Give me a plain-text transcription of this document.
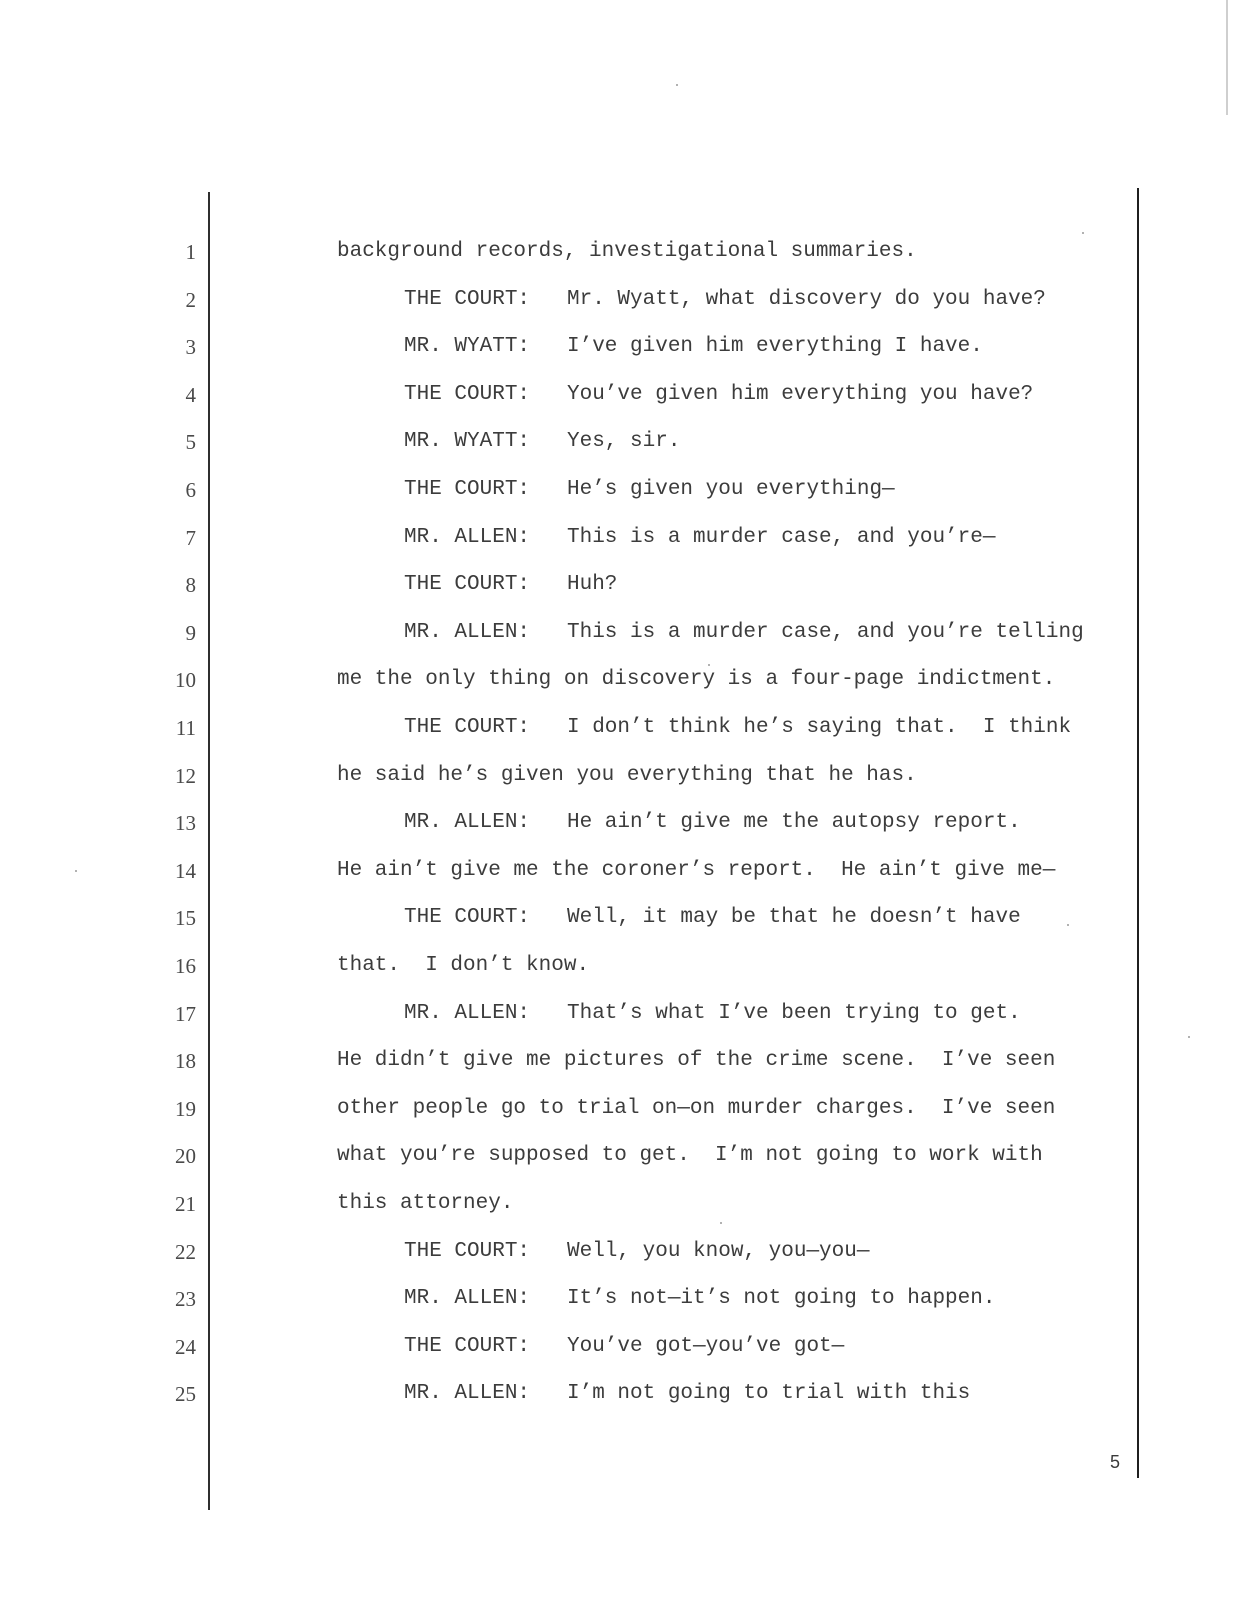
1	background records, investigational summaries.
2	THE COURT: Mr. Wyatt, what discovery do you have?
3	MR. WYATT: I’ve given him everything I have.
4	THE COURT: You’ve given him everything you have?
5	MR. WYATT: Yes, sir.
6	THE COURT: He’s given you everything—
7	MR. ALLEN: This is a murder case, and you’re—
8	THE COURT: Huh?
9	MR. ALLEN: This is a murder case, and you’re telling
10	me the only thing on discovery is a four-page indictment.
11	THE COURT: I don’t think he’s saying that.  I think
12	he said he’s given you everything that he has.
13	MR. ALLEN: He ain’t give me the autopsy report.
14	He ain’t give me the coroner’s report.  He ain’t give me—
15	THE COURT: Well, it may be that he doesn’t have
16	that.  I don’t know.
17	MR. ALLEN: That’s what I’ve been trying to get.
18	He didn’t give me pictures of the crime scene.  I’ve seen
19	other people go to trial on—on murder charges.  I’ve seen
20	what you’re supposed to get.  I’m not going to work with
21	this attorney.
22	THE COURT: Well, you know, you—you—
23	MR. ALLEN: It’s not—it’s not going to happen.
24	THE COURT: You’ve got—you’ve got—
25	MR. ALLEN: I’m not going to trial with this
5
